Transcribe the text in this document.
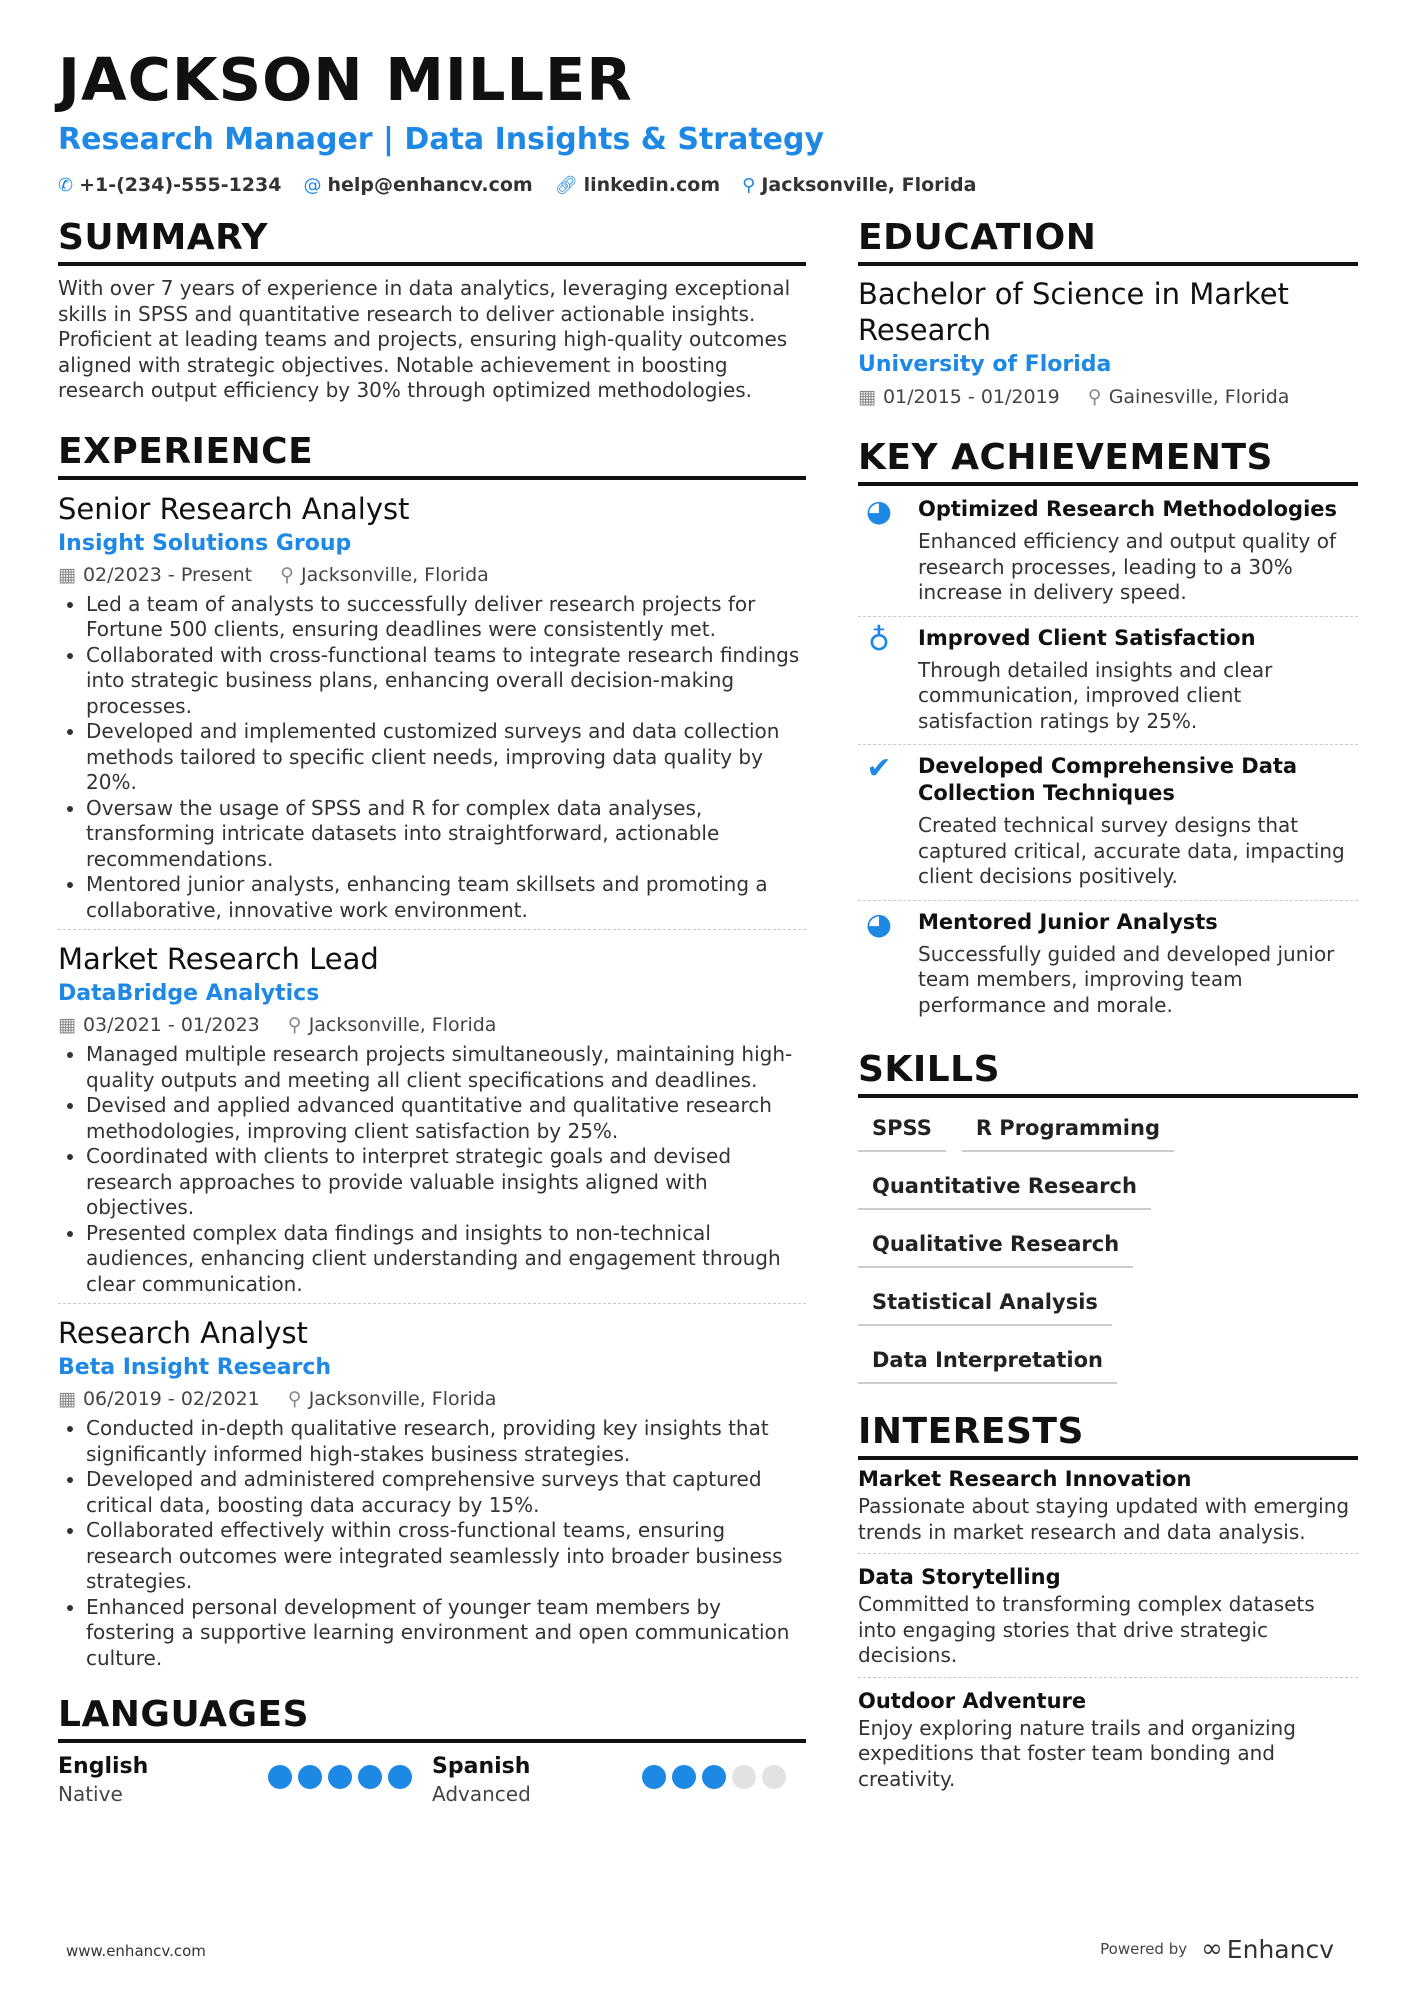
JACKSON MILLER
Research Manager | Data Insights & Strategy
✆ +1-(234)-555-1234 @ help@enhancv.com 🔗︎ linkedin.com ⚲ Jacksonville, Florida
SUMMARY
With over 7 years of experience in data analytics, leveraging exceptional skills in SPSS and quantitative research to deliver actionable insights. Proficient at leading teams and projects, ensuring high-quality outcomes aligned with strategic objectives. Notable achievement in boosting research output efficiency by 30% through optimized methodologies.
EXPERIENCE
Senior Research Analyst
Insight Solutions Group
▦ 02/2023 - Present ⚲ Jacksonville, Florida
• Led a team of analysts to successfully deliver research projects for Fortune 500 clients, ensuring deadlines were consistently met.
• Collaborated with cross-functional teams to integrate research findings into strategic business plans, enhancing overall decision-making processes.
• Developed and implemented customized surveys and data collection methods tailored to specific client needs, improving data quality by 20%.
• Oversaw the usage of SPSS and R for complex data analyses, transforming intricate datasets into straightforward, actionable recommendations.
• Mentored junior analysts, enhancing team skillsets and promoting a collaborative, innovative work environment.
Market Research Lead
DataBridge Analytics
▦ 03/2021 - 01/2023 ⚲ Jacksonville, Florida
• Managed multiple research projects simultaneously, maintaining high-quality outputs and meeting all client specifications and deadlines.
• Devised and applied advanced quantitative and qualitative research methodologies, improving client satisfaction by 25%.
• Coordinated with clients to interpret strategic goals and devised research approaches to provide valuable insights aligned with objectives.
• Presented complex data findings and insights to non-technical audiences, enhancing client understanding and engagement through clear communication.
Research Analyst
Beta Insight Research
▦ 06/2019 - 02/2021 ⚲ Jacksonville, Florida
• Conducted in-depth qualitative research, providing key insights that significantly informed high-stakes business strategies.
• Developed and administered comprehensive surveys that captured critical data, boosting data accuracy by 15%.
• Collaborated effectively within cross-functional teams, ensuring research outcomes were integrated seamlessly into broader business strategies.
• Enhanced personal development of younger team members by fostering a supportive learning environment and open communication culture.
LANGUAGES
English
Native
Spanish
Advanced
EDUCATION
Bachelor of Science in Market Research
University of Florida
▦ 01/2015 - 01/2019 ⚲ Gainesville, Florida
KEY ACHIEVEMENTS
◕	Optimized Research Methodologies
Enhanced efficiency and output quality of research processes, leading to a 30% increase in delivery speed.
♁	Improved Client Satisfaction
Through detailed insights and clear communication, improved client satisfaction ratings by 25%.
✔	Developed Comprehensive Data Collection Techniques
Created technical survey designs that captured critical, accurate data, impacting client decisions positively.
◕	Mentored Junior Analysts
Successfully guided and developed junior team members, improving team performance and morale.
SKILLS
SPSS	R Programming
Quantitative Research
Qualitative Research
Statistical Analysis
Data Interpretation
INTERESTS
Market Research Innovation
Passionate about staying updated with emerging trends in market research and data analysis.
Data Storytelling
Committed to transforming complex datasets into engaging stories that drive strategic decisions.
Outdoor Adventure
Enjoy exploring nature trails and organizing expeditions that foster team bonding and creativity.
www.enhancv.com	Powered by ∞ Enhancv
